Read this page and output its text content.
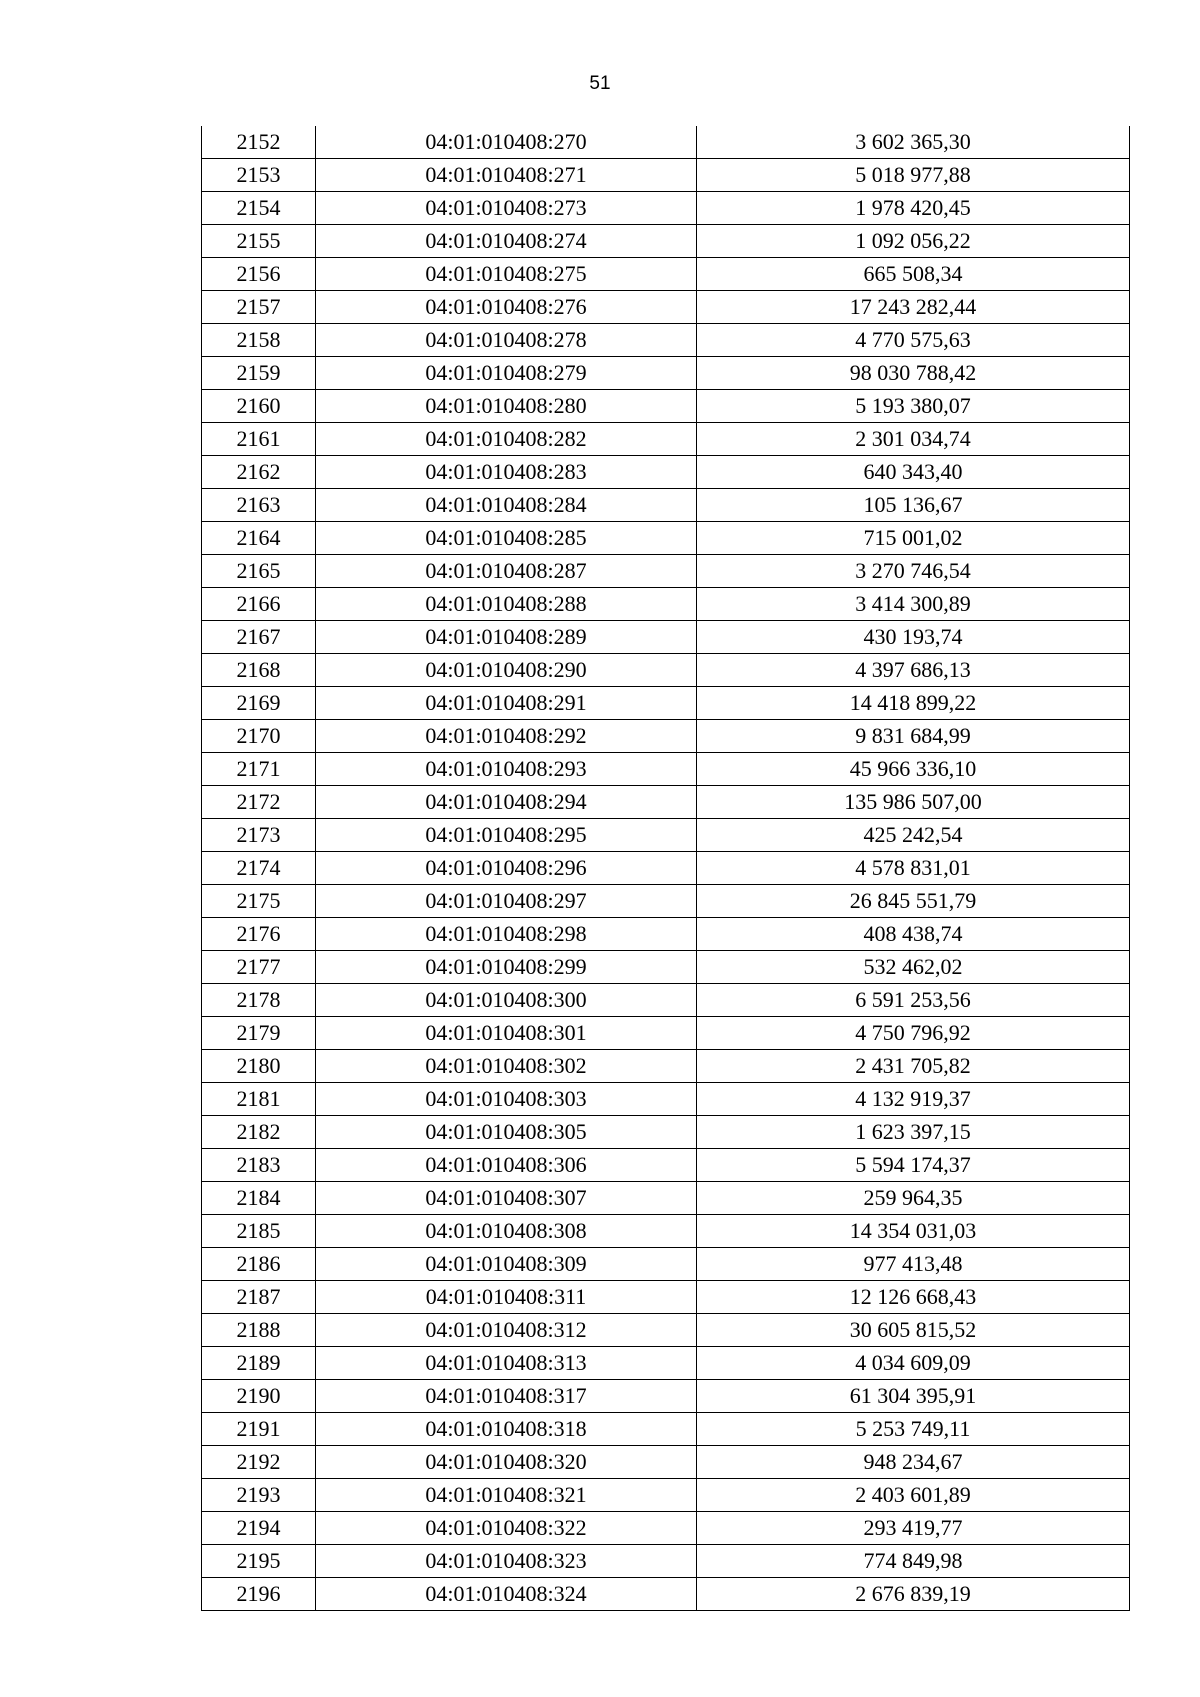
51
2152	04:01:010408:270	3 602 365,30
2153	04:01:010408:271	5 018 977,88
2154	04:01:010408:273	1 978 420,45
2155	04:01:010408:274	1 092 056,22
2156	04:01:010408:275	665 508,34
2157	04:01:010408:276	17 243 282,44
2158	04:01:010408:278	4 770 575,63
2159	04:01:010408:279	98 030 788,42
2160	04:01:010408:280	5 193 380,07
2161	04:01:010408:282	2 301 034,74
2162	04:01:010408:283	640 343,40
2163	04:01:010408:284	105 136,67
2164	04:01:010408:285	715 001,02
2165	04:01:010408:287	3 270 746,54
2166	04:01:010408:288	3 414 300,89
2167	04:01:010408:289	430 193,74
2168	04:01:010408:290	4 397 686,13
2169	04:01:010408:291	14 418 899,22
2170	04:01:010408:292	9 831 684,99
2171	04:01:010408:293	45 966 336,10
2172	04:01:010408:294	135 986 507,00
2173	04:01:010408:295	425 242,54
2174	04:01:010408:296	4 578 831,01
2175	04:01:010408:297	26 845 551,79
2176	04:01:010408:298	408 438,74
2177	04:01:010408:299	532 462,02
2178	04:01:010408:300	6 591 253,56
2179	04:01:010408:301	4 750 796,92
2180	04:01:010408:302	2 431 705,82
2181	04:01:010408:303	4 132 919,37
2182	04:01:010408:305	1 623 397,15
2183	04:01:010408:306	5 594 174,37
2184	04:01:010408:307	259 964,35
2185	04:01:010408:308	14 354 031,03
2186	04:01:010408:309	977 413,48
2187	04:01:010408:311	12 126 668,43
2188	04:01:010408:312	30 605 815,52
2189	04:01:010408:313	4 034 609,09
2190	04:01:010408:317	61 304 395,91
2191	04:01:010408:318	5 253 749,11
2192	04:01:010408:320	948 234,67
2193	04:01:010408:321	2 403 601,89
2194	04:01:010408:322	293 419,77
2195	04:01:010408:323	774 849,98
2196	04:01:010408:324	2 676 839,19
